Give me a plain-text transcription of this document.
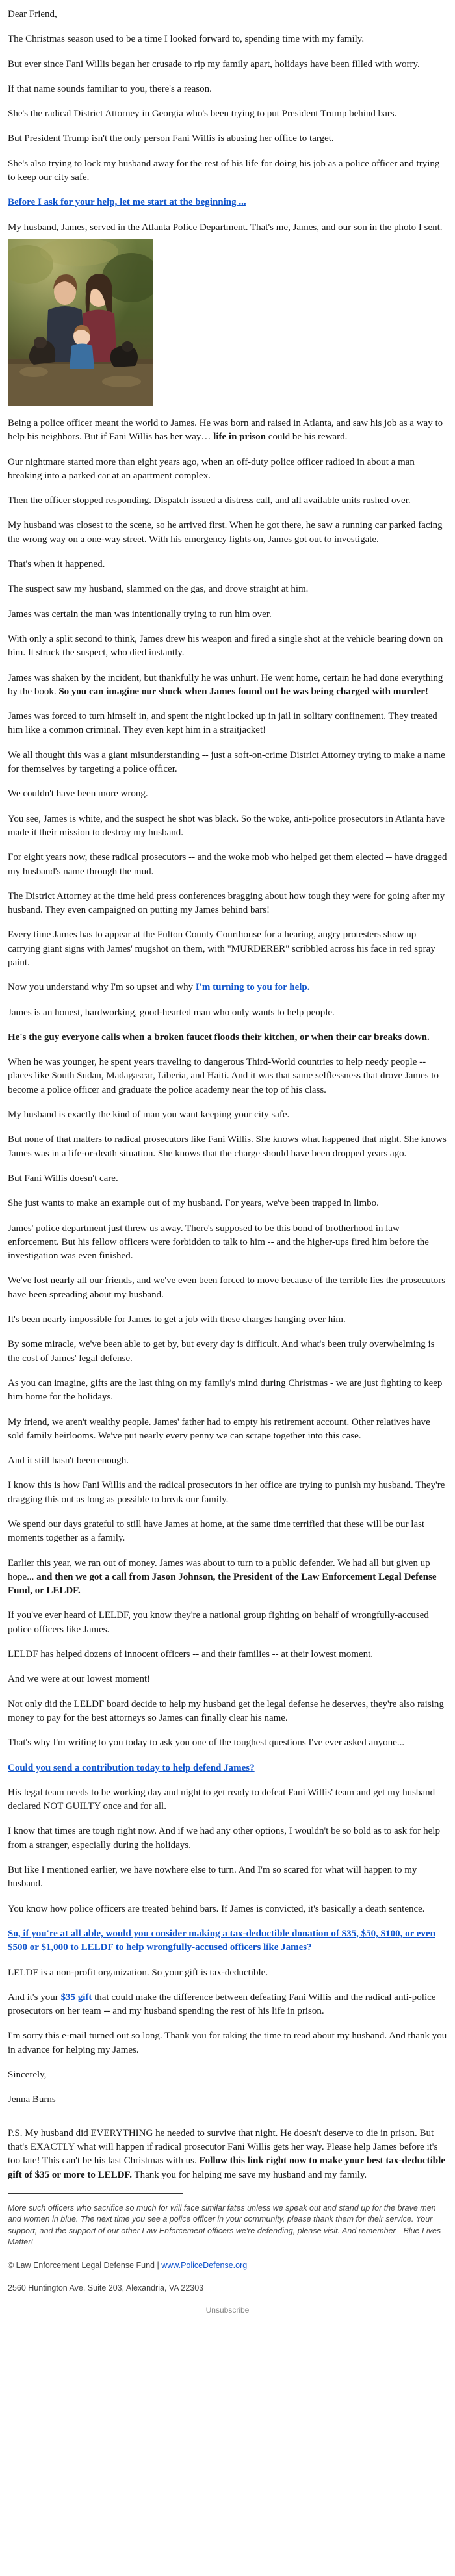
Dear Friend,

The Christmas season used to be a time I looked forward to, spending time with my family.

But ever since Fani Willis began her crusade to rip my family apart, holidays have been filled with worry.

If that name sounds familiar to you, there's a reason.

She's the radical District Attorney in Georgia who's been trying to put President Trump behind bars.

But President Trump isn't the only person Fani Willis is abusing her office to target.

She's also trying to lock my husband away for the rest of his life for doing his job as a police officer and trying to keep our city safe.

Before I ask for your help, let me start at the beginning ...

My husband, James, served in the Atlanta Police Department. That's me, James, and our son in the photo I sent.

Being a police officer meant the world to James. He was born and raised in Atlanta, and saw his job as a way to help his neighbors. But if Fani Willis has her way… life in prison could be his reward.

Our nightmare started more than eight years ago, when an off-duty police officer radioed in about a man breaking into a parked car at an apartment complex.

Then the officer stopped responding. Dispatch issued a distress call, and all available units rushed over.

My husband was closest to the scene, so he arrived first. When he got there, he saw a running car parked facing the wrong way on a one-way street. With his emergency lights on, James got out to investigate.

That's when it happened.

The suspect saw my husband, slammed on the gas, and drove straight at him.

James was certain the man was intentionally trying to run him over.

With only a split second to think, James drew his weapon and fired a single shot at the vehicle bearing down on him. It struck the suspect, who died instantly.

James was shaken by the incident, but thankfully he was unhurt. He went home, certain he had done everything by the book. So you can imagine our shock when James found out he was being charged with murder!

James was forced to turn himself in, and spent the night locked up in jail in solitary confinement. They treated him like a common criminal. They even kept him in a straitjacket!

We all thought this was a giant misunderstanding -- just a soft-on-crime District Attorney trying to make a name for themselves by targeting a police officer.

We couldn't have been more wrong.

You see, James is white, and the suspect he shot was black. So the woke, anti-police prosecutors in Atlanta have made it their mission to destroy my husband.

For eight years now, these radical prosecutors -- and the woke mob who helped get them elected -- have dragged my husband's name through the mud.

The District Attorney at the time held press conferences bragging about how tough they were for going after my husband. They even campaigned on putting my James behind bars!

Every time James has to appear at the Fulton County Courthouse for a hearing, angry protesters show up carrying giant signs with James' mugshot on them, with "MURDERER" scribbled across his face in red spray paint.

Now you understand why I'm so upset and why I'm turning to you for help.

James is an honest, hardworking, good-hearted man who only wants to help people.

He's the guy everyone calls when a broken faucet floods their kitchen, or when their car breaks down.

When he was younger, he spent years traveling to dangerous Third-World countries to help needy people -- places like South Sudan, Madagascar, Liberia, and Haiti. And it was that same selflessness that drove James to become a police officer and graduate the police academy near the top of his class.

My husband is exactly the kind of man you want keeping your city safe.

But none of that matters to radical prosecutors like Fani Willis. She knows what happened that night. She knows James was in a life-or-death situation. She knows that the charge should have been dropped years ago.

But Fani Willis doesn't care.

She just wants to make an example out of my husband. For years, we've been trapped in limbo.

James' police department just threw us away. There's supposed to be this bond of brotherhood in law enforcement. But his fellow officers were forbidden to talk to him -- and the higher-ups fired him before the investigation was even finished.

We've lost nearly all our friends, and we've even been forced to move because of the terrible lies the prosecutors have been spreading about my husband.

It's been nearly impossible for James to get a job with these charges hanging over him.

By some miracle, we've been able to get by, but every day is difficult. And what's been truly overwhelming is the cost of James' legal defense.

As you can imagine, gifts are the last thing on my family's mind during Christmas - we are just fighting to keep him home for the holidays.

My friend, we aren't wealthy people. James' father had to empty his retirement account. Other relatives have sold family heirlooms. We've put nearly every penny we can scrape together into this case.

And it still hasn't been enough.

I know this is how Fani Willis and the radical prosecutors in her office are trying to punish my husband. They're dragging this out as long as possible to break our family.

We spend our days grateful to still have James at home, at the same time terrified that these will be our last moments together as a family.

Earlier this year, we ran out of money. James was about to turn to a public defender. We had all but given up hope... and then we got a call from Jason Johnson, the President of the Law Enforcement Legal Defense Fund, or LELDF.

If you've ever heard of LELDF, you know they're a national group fighting on behalf of wrongfully-accused police officers like James.

LELDF has helped dozens of innocent officers -- and their families -- at their lowest moment.

And we were at our lowest moment!

Not only did the LELDF board decide to help my husband get the legal defense he deserves, they're also raising money to pay for the best attorneys so James can finally clear his name.

That's why I'm writing to you today to ask you one of the toughest questions I've ever asked anyone...

Could you send a contribution today to help defend James?

His legal team needs to be working day and night to get ready to defeat Fani Willis' team and get my husband declared NOT GUILTY once and for all.

I know that times are tough right now. And if we had any other options, I wouldn't be so bold as to ask for help from a stranger, especially during the holidays.

But like I mentioned earlier, we have nowhere else to turn. And I'm so scared for what will happen to my husband.

You know how police officers are treated behind bars. If James is convicted, it's basically a death sentence.

So, if you're at all able, would you consider making a tax-deductible donation of $35, $50, $100, or even $500 or $1,000 to LELDF to help wrongfully-accused officers like James?

LELDF is a non-profit organization. So your gift is tax-deductible.

And it's your $35 gift that could make the difference between defeating Fani Willis and the radical anti-police prosecutors on her team -- and my husband spending the rest of his life in prison.

I'm sorry this e-mail turned out so long. Thank you for taking the time to read about my husband. And thank you in advance for helping my James.

Sincerely,

Jenna Burns

P.S. My husband did EVERYTHING he needed to survive that night. He doesn't deserve to die in prison. But that's EXACTLY what will happen if radical prosecutor Fani Willis gets her way. Please help James before it's too late! This can't be his last Christmas with us. Follow this link right now to make your best tax-deductible gift of $35 or more to LELDF. Thank you for helping me save my husband and my family.

More such officers who sacrifice so much for will face similar fates unless we speak out and stand up for the brave men and women in blue. The next time you see a police officer in your community, please thank them for their service. Your support, and the support of our other Law Enforcement officers we're defending, please visit. And remember --Blue Lives Matter!

© Law Enforcement Legal Defense Fund | www.PoliceDefense.org

2560 Huntington Ave. Suite 203, Alexandria, VA 22303

Unsubscribe
